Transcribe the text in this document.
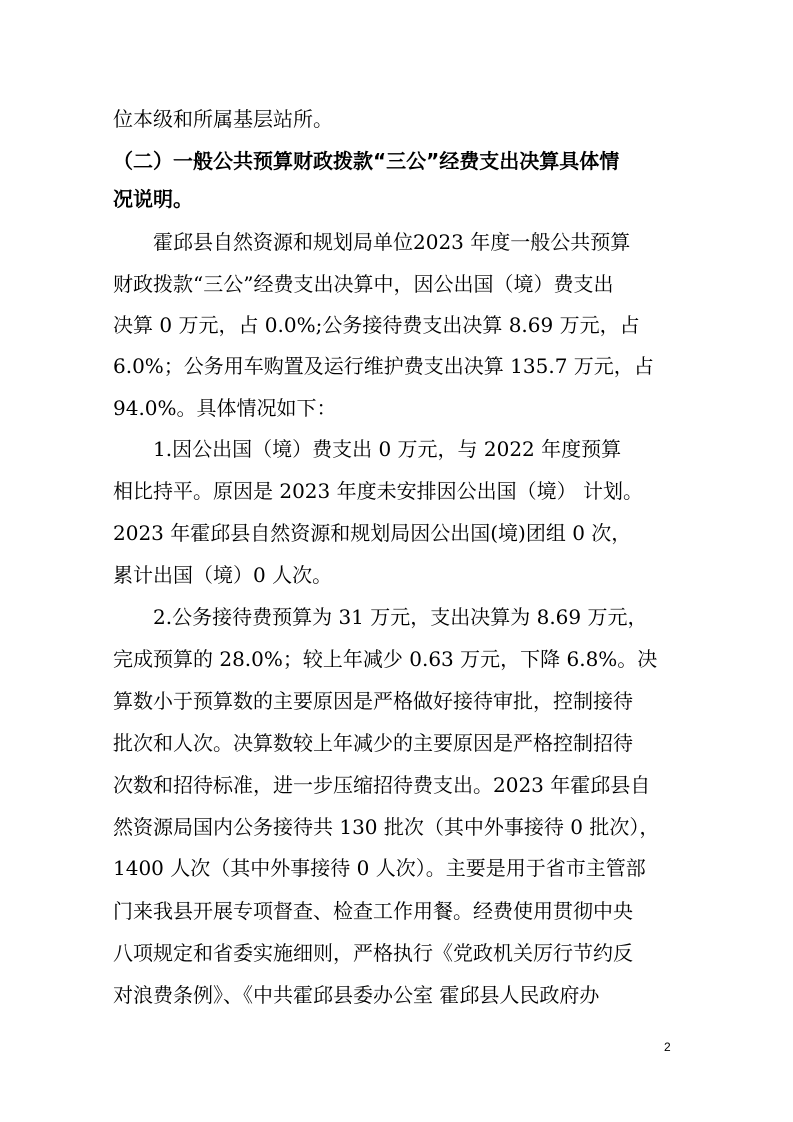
位本级和所属基层站所。
（二）一般公共预算财政拨款“三公”经费支出决算具体情
况说明。
霍邱县自然资源和规划局单位2023 年度一般公共预算
财政拨款“三公”经费支出决算中，因公出国（境）费支出
决算 0 万元，占 0.0%;公务接待费支出决算 8.69 万元，占
6.0%；公务用车购置及运行维护费支出决算 135.7 万元，占
94.0%。具体情况如下：
1.因公出国（境）费支出 0 万元，与 2022 年度预算
相比持平。原因是 2023 年度未安排因公出国（境） 计划。
2023 年霍邱县自然资源和规划局因公出国(境)团组 0 次，
累计出国（境）0 人次。
2.公务接待费预算为 31 万元，支出决算为 8.69 万元，
完成预算的 28.0%；较上年减少 0.63 万元，下降 6.8%。决
算数小于预算数的主要原因是严格做好接待审批，控制接待
批次和人次。决算数较上年减少的主要原因是严格控制招待
次数和招待标准，进一步压缩招待费支出。2023 年霍邱县自
然资源局国内公务接待共 130 批次（其中外事接待 0 批次），
1400 人次（其中外事接待 0 人次）。主要是用于省市主管部
门来我县开展专项督查、检查工作用餐。经费使用贯彻中央
八项规定和省委实施细则，严格执行《党政机关厉行节约反
对浪费条例》、《中共霍邱县委办公室 霍邱县人民政府办
2
